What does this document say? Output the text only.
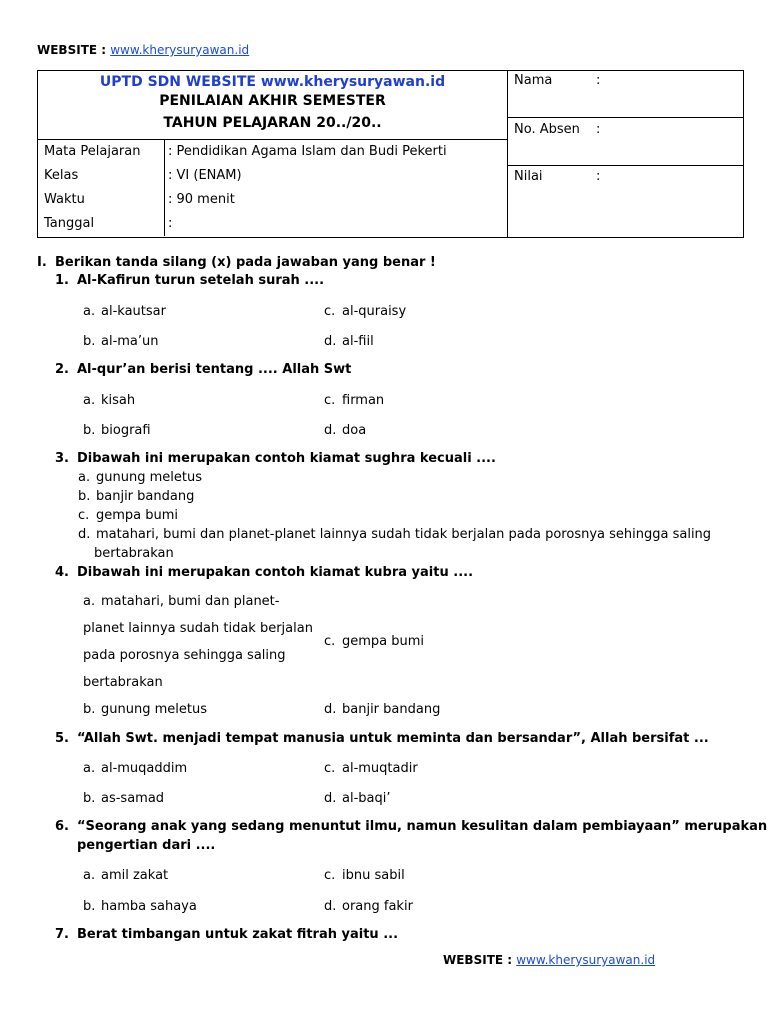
WEBSITE : www.kherysuryawan.id
UPTD SDN WEBSITE www.kherysuryawan.id
PENILAIAN AKHIR SEMESTER
TAHUN PELAJARAN 20../20..

Nama	:

No. Absen	:

Mata Pelajaran	: Pendidikan Agama Islam dan Budi Pekerti
Kelas	: VI (ENAM)
Waktu	: 90 menit
Tanggal	:

Nilai	:
I. Berikan tanda silang (x) pada jawaban yang benar !
1. Al-Kafirun turun setelah surah ....
a. al-kautsar	c. al-quraisy
b. al-ma’un	d. al-fiil
2. Al-qur’an berisi tentang .... Allah Swt
a. kisah	c. firman
b. biografi	d. doa
3. Dibawah ini merupakan contoh kiamat sughra kecuali ....
a. gunung meletus
b. banjir bandang
c. gempa bumi
d. matahari, bumi dan planet-planet lainnya sudah tidak berjalan pada porosnya sehingga saling
bertabrakan
4. Dibawah ini merupakan contoh kiamat kubra yaitu ....
a. matahari, bumi dan planet-
planet lainnya sudah tidak berjalan
pada porosnya sehingga saling
bertabrakan
c. gempa bumi
b. gunung meletus	d. banjir bandang
5. “Allah Swt. menjadi tempat manusia untuk meminta dan bersandar”, Allah bersifat ...
a. al-muqaddim	c. al-muqtadir
b. as-samad	d. al-baqi’
6. “Seorang anak yang sedang menuntut ilmu, namun kesulitan dalam pembiayaan” merupakan
pengertian dari ....
a. amil zakat	c. ibnu sabil
b. hamba sahaya	d. orang fakir
7. Berat timbangan untuk zakat fitrah yaitu ...
WEBSITE : www.kherysuryawan.id
